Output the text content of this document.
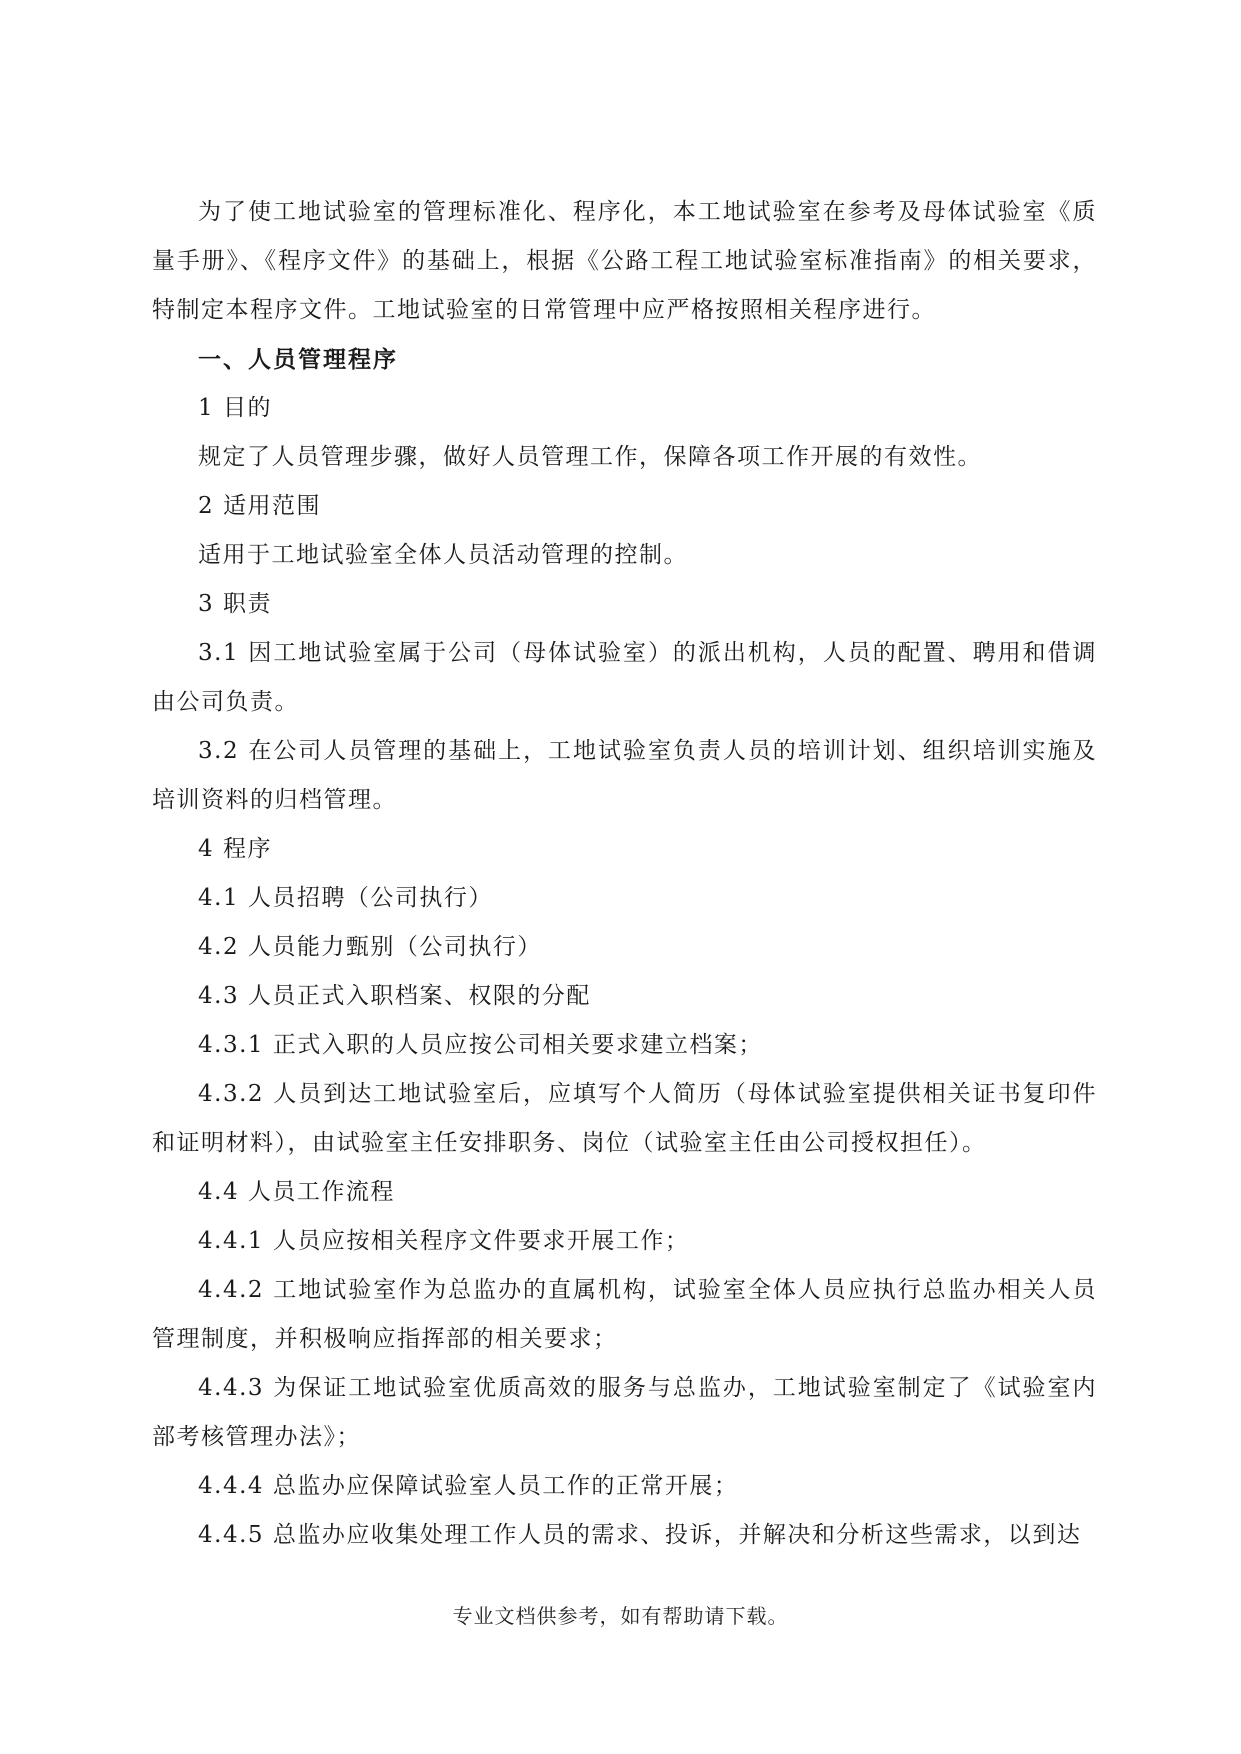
为了使工地试验室的管理标准化、程序化，本工地试验室在参考及母体试验室《质量手册》、《程序文件》的基础上，根据《公路工程工地试验室标准指南》的相关要求，特制定本程序文件。工地试验室的日常管理中应严格按照相关程序进行。

一、人员管理程序

1 目的

规定了人员管理步骤，做好人员管理工作，保障各项工作开展的有效性。

2 适用范围

适用于工地试验室全体人员活动管理的控制。

3 职责

3.1 因工地试验室属于公司（母体试验室）的派出机构，人员的配置、聘用和借调由公司负责。

3.2 在公司人员管理的基础上，工地试验室负责人员的培训计划、组织培训实施及培训资料的归档管理。

4 程序

4.1 人员招聘（公司执行）

4.2 人员能力甄别（公司执行）

4.3 人员正式入职档案、权限的分配

4.3.1 正式入职的人员应按公司相关要求建立档案；

4.3.2 人员到达工地试验室后，应填写个人简历（母体试验室提供相关证书复印件和证明材料），由试验室主任安排职务、岗位（试验室主任由公司授权担任）。

4.4 人员工作流程

4.4.1 人员应按相关程序文件要求开展工作；

4.4.2 工地试验室作为总监办的直属机构，试验室全体人员应执行总监办相关人员管理制度，并积极响应指挥部的相关要求；

4.4.3 为保证工地试验室优质高效的服务与总监办，工地试验室制定了《试验室内部考核管理办法》；

4.4.4 总监办应保障试验室人员工作的正常开展；

4.4.5 总监办应收集处理工作人员的需求、投诉，并解决和分析这些需求，以到达

专业文档供参考，如有帮助请下载。
